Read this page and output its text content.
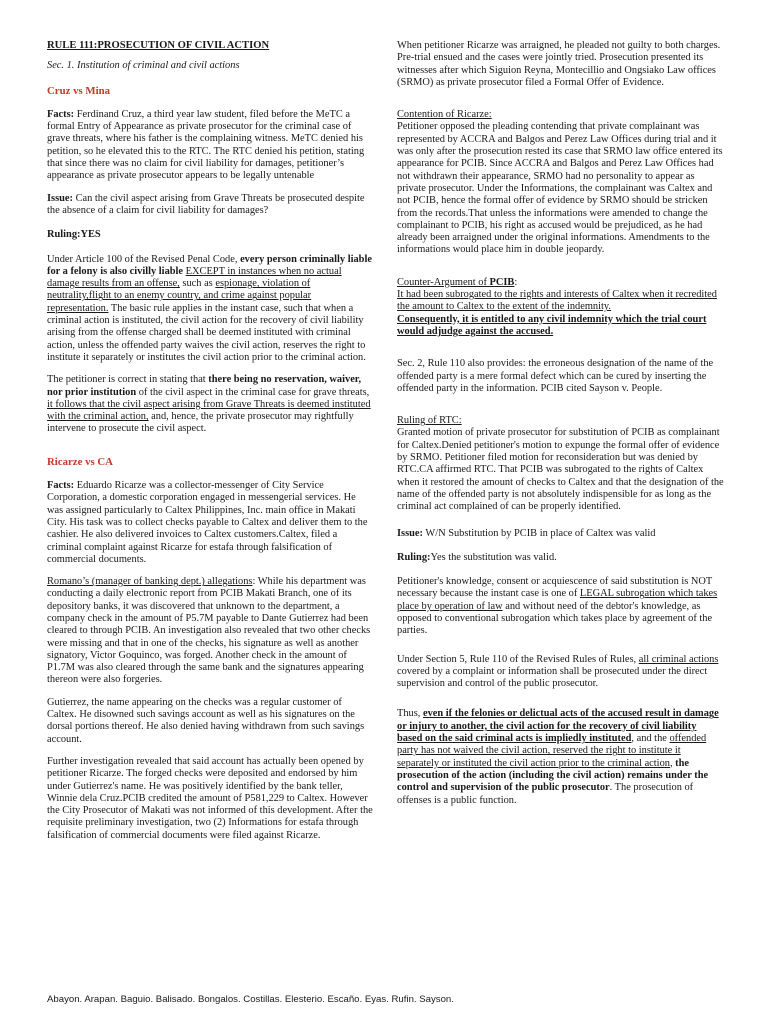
RULE 111:PROSECUTION OF CIVIL ACTION

Sec. 1. Institution of criminal and civil actions

Cruz vs Mina

Facts: Ferdinand Cruz, a third year law student, filed before the MeTC a formal Entry of Appearance as private prosecutor for the criminal case of grave threats, where his father is the complaining witness. MeTC denied his petition, so he elevated this to the RTC. The RTC denied his petition, stating that since there was no claim for civil liability for damages, petitioner’s appearance as private prosecutor appears to be legally untenable

Issue: Can the civil aspect arising from Grave Threats be prosecuted despite the absence of a claim for civil liability for damages?

Ruling:YES

Under Article 100 of the Revised Penal Code, every person criminally liable for a felony is also civilly liable EXCEPT in instances when no actual damage results from an offense, such as espionage, violation of neutrality,flight to an enemy country, and crime against popular representation. The basic rule applies in the instant case, such that when a criminal action is instituted, the civil action for the recovery of civil liability arising from the offense charged shall be deemed instituted with criminal action, unless the offended party waives the civil action, reserves the right to institute it separately or institutes the civil action prior to the criminal action.

The petitioner is correct in stating that there being no reservation, waiver, nor prior institution of the civil aspect in the criminal case for grave threats, it follows that the civil aspect arising from Grave Threats is deemed instituted with the criminal action, and, hence, the private prosecutor may rightfully intervene to prosecute the civil aspect.

Ricarze vs CA

Facts: Eduardo Ricarze was a collector-messenger of City Service Corporation, a domestic corporation engaged in messengerial services. He was assigned particularly to Caltex Philippines, Inc. main office in Makati City. His task was to collect checks payable to Caltex and deliver them to the cashier. He also delivered invoices to Caltex customers.Caltex, filed a criminal complaint against Ricarze for estafa through falsification of commercial documents.

Romano’s (manager of banking dept.) allegations: While his department was conducting a daily electronic report from PCIB Makati Branch, one of its depository banks, it was discovered that unknown to the department, a company check in the amount of P5.7M payable to Dante Gutierrez had been cleared to through PCIB. An investigation also revealed that two other checks were missing and that in one of the checks, his signature as well as another signatory, Victor Goquinco, was forged. Another check in the amount of P1.7M was also cleared through the same bank and the signatures appearing thereon were also forgeries.

Gutierrez, the name appearing on the checks was a regular customer of Caltex. He disowned such savings account as well as his signatures on the dorsal portions thereof. He also denied having withdrawn from such savings account.

Further investigation revealed that said account has actually been opened by petitioner Ricarze. The forged checks were deposited and endorsed by him under Gutierrez's name. He was positively identified by the bank teller, Winnie dela Cruz.PCIB credited the amount of P581,229 to Caltex. However the City Prosecutor of Makati was not informed of this development. After the requisite preliminary investigation, two (2) Informations for estafa through falsification of commercial documents were filed against Ricarze.

When petitioner Ricarze was arraigned, he pleaded not guilty to both charges. Pre-trial ensued and the cases were jointly tried. Prosecution presented its witnesses after which Siguion Reyna, Montecillio and Ongsiako Law offices (SRMO) as private prosecutor filed a Formal Offer of Evidence.

Contention of Ricarze:
Petitioner opposed the pleading contending that private complainant was represented by ACCRA and Balgos and Perez Law Offices during trial and it was only after the prosecution rested its case that SRMO law office entered its appearance for PCIB. Since ACCRA and Balgos and Perez Law Offices had not withdrawn their appearance, SRMO had no personality to appear as private prosecutor. Under the Informations, the complainant was Caltex and not PCIB, hence the formal offer of evidence by SRMO should be stricken from the records.That unless the informations were amended to change the complainant to PCIB, his right as accused would be prejudiced, as he had already been arraigned under the original informations. Amendments to the informations would place him in double jeopardy.

Counter-Argument of PCIB:
It had been subrogated to the rights and interests of Caltex when it recredited the amount to Caltex to the extent of the indemnity.
Consequently, it is entitled to any civil indemnity which the trial court would adjudge against the accused.

Sec. 2, Rule 110 also provides: the erroneous designation of the name of the offended party is a mere formal defect which can be cured by inserting the offended party in the information. PCIB cited Sayson v. People.

Ruling of RTC:
Granted motion of private prosecutor for substitution of PCIB as complainant for Caltex.Denied petitioner's motion to expunge the formal offer of evidence by SRMO. Petitioner filed motion for reconsideration but was denied by RTC.CA affirmed RTC. That PCIB was subrogated to the rights of Caltex when it restored the amount of checks to Caltex and that the designation of the name of the offended party is not absolutely indispensible for as long as the criminal act complained of can be properly identified.

Issue: W/N Substitution by PCIB in place of Caltex was valid

Ruling:Yes the substitution was valid.

Petitioner's knowledge, consent or acquiescence of said substitution is NOT necessary because the instant case is one of LEGAL subrogation which takes place by operation of law and without need of the debtor's knowledge, as opposed to conventional subrogation which takes place by agreement of the parties.

Under Section 5, Rule 110 of the Revised Rules of Rules, all criminal actions covered by a complaint or information shall be prosecuted under the direct supervision and control of the public prosecutor.

Thus, even if the felonies or delictual acts of the accused result in damage or injury to another, the civil action for the recovery of civil liability based on the said criminal acts is impliedly instituted, and the offended party has not waived the civil action, reserved the right to institute it separately or instituted the civil action prior to the criminal action, the prosecution of the action (including the civil action) remains under the control and supervision of the public prosecutor. The prosecution of offenses is a public function.

Abayon. Arapan. Baguio. Balisado. Bongalos. Costillas. Elesterio. Escaño. Eyas. Rufin. Sayson.
